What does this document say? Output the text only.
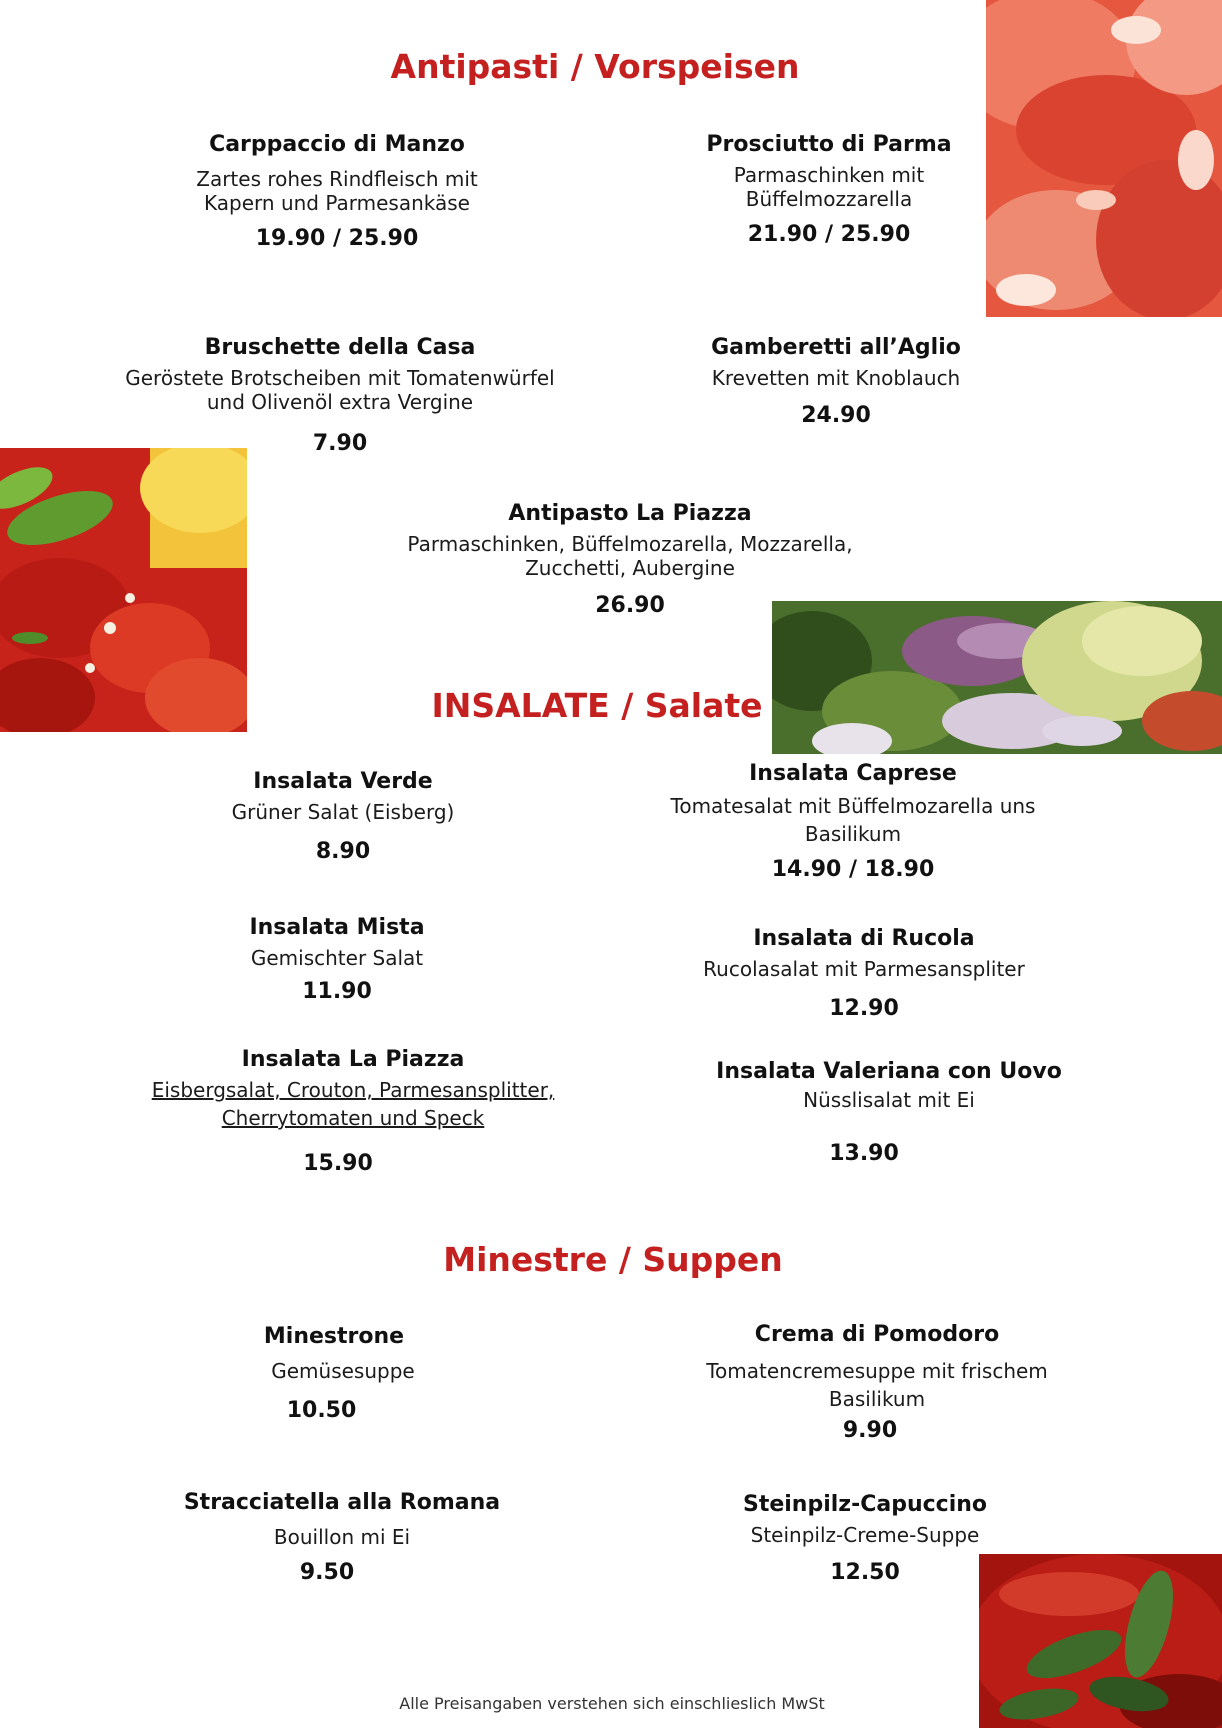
Antipasti / Vorspeisen
Carppaccio di Manzo
Zartes rohes Rindfleisch mit Kapern und Parmesankäse
19.90 / 25.90
Prosciutto di Parma
Parmaschinken mit Büffelmozzarella
21.90 / 25.90
Bruschette della Casa
Geröstete Brotscheiben mit Tomatenwürfel und Olivenöl extra Vergine
7.90
Gamberetti all’Aglio
Krevetten mit Knoblauch
24.90
Antipasto La Piazza
Parmaschinken, Büffelmozarella, Mozzarella, Zucchetti, Aubergine
26.90
INSALATE / Salate
Insalata Verde
Grüner Salat (Eisberg)
8.90
Insalata Caprese
Tomatesalat mit Büffelmozarella uns Basilikum
14.90 / 18.90
Insalata Mista
Gemischter Salat
11.90
Insalata di Rucola
Rucolasalat mit Parmesanspliter
12.90
Insalata La Piazza
Eisbergsalat, Crouton, Parmesansplitter, Cherrytomaten und Speck
15.90
Insalata Valeriana con Uovo
Nüsslisalat mit Ei
13.90
Minestre / Suppen
Minestrone
Gemüsesuppe
10.50
Crema di Pomodoro
Tomatencremesuppe mit frischem Basilikum
9.90
Stracciatella alla Romana
Bouillon mi Ei
9.50
Steinpilz-Capuccino
Steinpilz-Creme-Suppe
12.50
Alle Preisangaben verstehen sich einschlieslich MwSt
